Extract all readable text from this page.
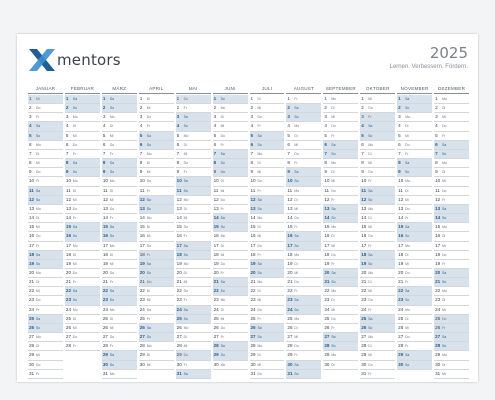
mentors	2025
Lernen. Verbessern. Fördern.
JANUAR
1 Mi
2 Do
3 Fr
4 Sa
5 So
6 Mo
7 Di
8 Mi
9 Do
10 Fr
11 Sa
12 So
13 Mo
14 Di
15 Mi
16 Do
17 Fr
18 Sa
19 So
20 Mo
21 Di
22 Mi
23 Do
24 Fr
25 Sa
26 So
27 Mo
28 Di
29 Mi
30 Do
31 Fr
FEBRUAR
1 Sa
2 So
3 Mo
4 Di
5 Mi
6 Do
7 Fr
8 Sa
9 So
10 Mo
11 Di
12 Mi
13 Do
14 Fr
15 Sa
16 So
17 Mo
18 Di
19 Mi
20 Do
21 Fr
22 Sa
23 So
24 Mo
25 Di
26 Mi
27 Do
28 Fr
MÄRZ
1 Sa
2 So
3 Mo
4 Di
5 Mi
6 Do
7 Fr
8 Sa
9 So
10 Mo
11 Di
12 Mi
13 Do
14 Fr
15 Sa
16 So
17 Mo
18 Di
19 Mi
20 Do
21 Fr
22 Sa
23 So
24 Mo
25 Di
26 Mi
27 Do
28 Fr
29 Sa
30 So
31 Mo
APRIL
1 Di
2 Mi
3 Do
4 Fr
5 Sa
6 So
7 Mo
8 Di
9 Mi
10 Do
11 Fr
12 Sa
13 So
14 Mo
15 Di
16 Mi
17 Do
18 Fr
19 Sa
20 So
21 Mo
22 Di
23 Mi
24 Do
25 Fr
26 Sa
27 So
28 Mo
29 Di
30 Mi
MAI
1 Do
2 Fr
3 Sa
4 So
5 Mo
6 Di
7 Mi
8 Do
9 Fr
10 Sa
11 So
12 Mo
13 Di
14 Mi
15 Do
16 Fr
17 Sa
18 So
19 Mo
20 Di
21 Mi
22 Do
23 Fr
24 Sa
25 So
26 Mo
27 Di
28 Mi
29 Do
30 Fr
31 Sa
JUNI
1 So
2 Mo
3 Di
4 Mi
5 Do
6 Fr
7 Sa
8 So
9 Mo
10 Di
11 Mi
12 Do
13 Fr
14 Sa
15 So
16 Mo
17 Di
18 Mi
19 Do
20 Fr
21 Sa
22 So
23 Mo
24 Di
25 Mi
26 Do
27 Fr
28 Sa
29 So
30 Mo
JULI
1 Di
2 Mi
3 Do
4 Fr
5 Sa
6 So
7 Mo
8 Di
9 Mi
10 Do
11 Fr
12 Sa
13 So
14 Mo
15 Di
16 Mi
17 Do
18 Fr
19 Sa
20 So
21 Mo
22 Di
23 Mi
24 Do
25 Fr
26 Sa
27 So
28 Mo
29 Di
30 Mi
31 Do
AUGUST
1 Fr
2 Sa
3 So
4 Mo
5 Di
6 Mi
7 Do
8 Fr
9 Sa
10 So
11 Mo
12 Di
13 Mi
14 Do
15 Fr
16 Sa
17 So
18 Mo
19 Di
20 Mi
21 Do
22 Fr
23 Sa
24 So
25 Mo
26 Di
27 Mi
28 Do
29 Fr
30 Sa
31 So
SEPTEMBER
1 Mo
2 Di
3 Mi
4 Do
5 Fr
6 Sa
7 So
8 Mo
9 Di
10 Mi
11 Do
12 Fr
13 Sa
14 So
15 Mo
16 Di
17 Mi
18 Do
19 Fr
20 Sa
21 So
22 Mo
23 Di
24 Mi
25 Do
26 Fr
27 Sa
28 So
29 Mo
30 Di
OKTOBER
1 Mi
2 Do
3 Fr
4 Sa
5 So
6 Mo
7 Di
8 Mi
9 Do
10 Fr
11 Sa
12 So
13 Mo
14 Di
15 Mi
16 Do
17 Fr
18 Sa
19 So
20 Mo
21 Di
22 Mi
23 Do
24 Fr
25 Sa
26 So
27 Mo
28 Di
29 Mi
30 Do
31 Fr
NOVEMBER
1 Sa
2 So
3 Mo
4 Di
5 Mi
6 Do
7 Fr
8 Sa
9 So
10 Mo
11 Di
12 Mi
13 Do
14 Fr
15 Sa
16 So
17 Mo
18 Di
19 Mi
20 Do
21 Fr
22 Sa
23 So
24 Mo
25 Di
26 Mi
27 Do
28 Fr
29 Sa
30 So
DEZEMBER
1 Mo
2 Di
3 Mi
4 Do
5 Fr
6 Sa
7 So
8 Mo
9 Di
10 Mi
11 Do
12 Fr
13 Sa
14 So
15 Mo
16 Di
17 Mi
18 Do
19 Fr
20 Sa
21 So
22 Mo
23 Di
24 Mi
25 Do
26 Fr
27 Sa
28 So
29 Mo
30 Di
31 Mi
